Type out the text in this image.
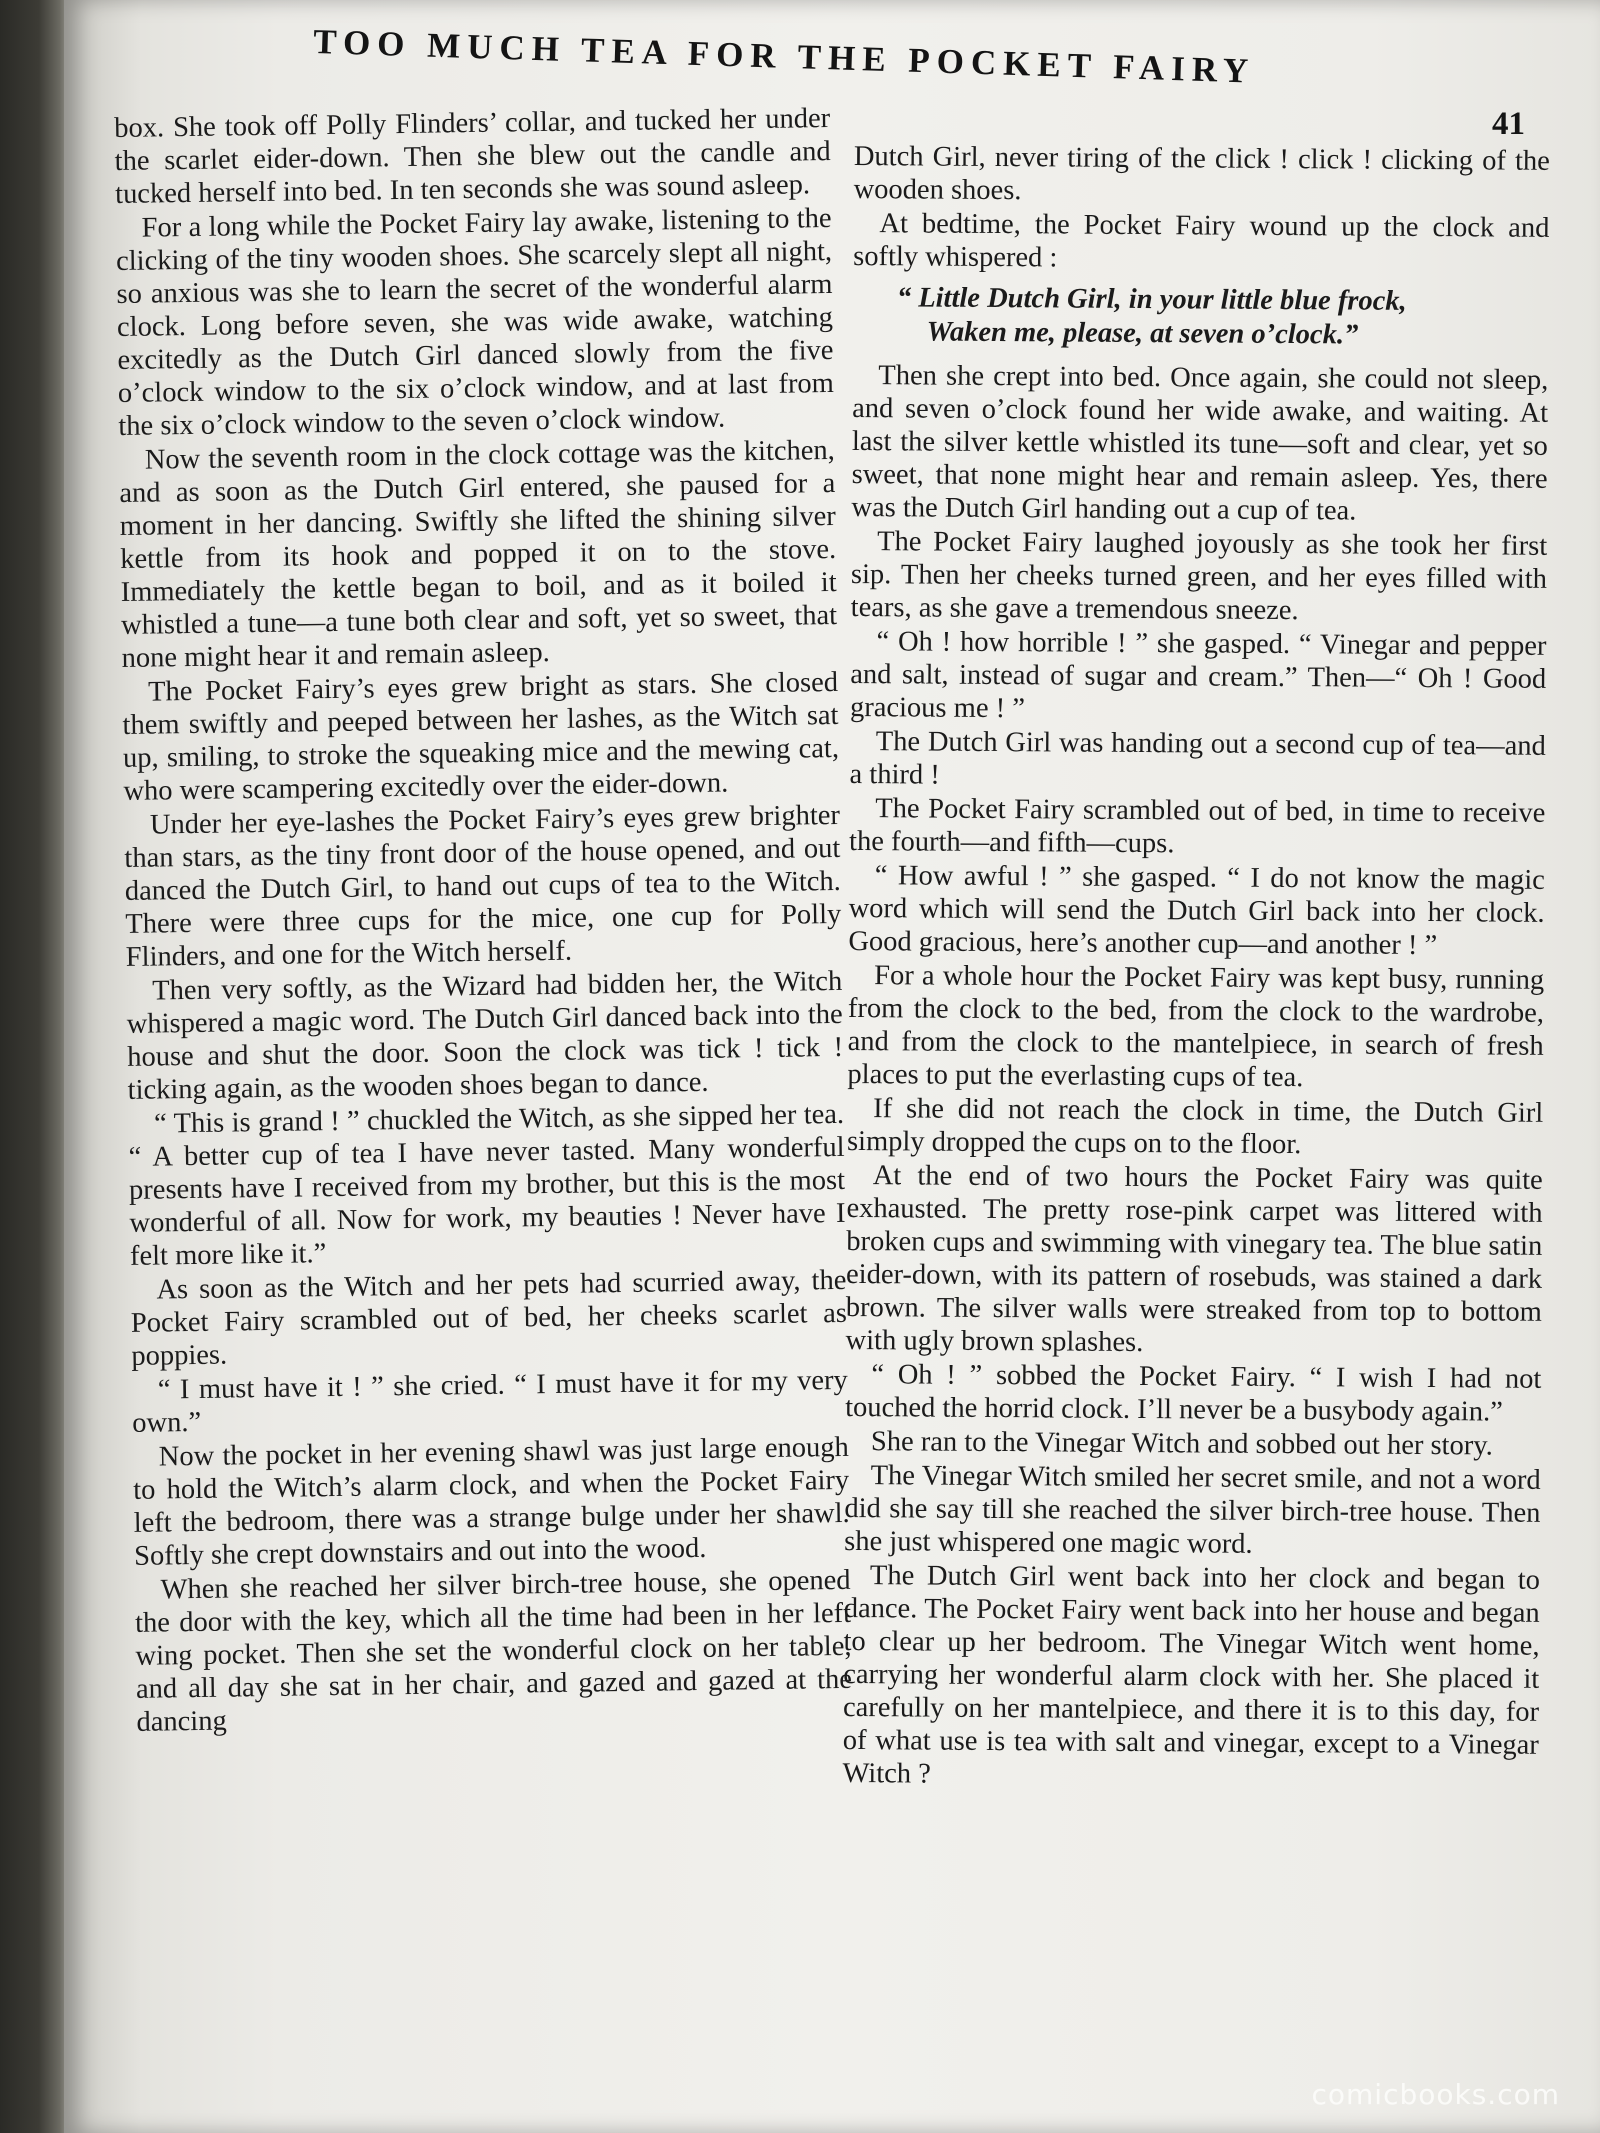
TOO MUCH TEA FOR THE POCKET FAIRY
41

box. She took off Polly Flinders’ collar, and tucked her under the scarlet eider-down. Then she blew out the candle and tucked herself into bed. In ten seconds she was sound asleep.

For a long while the Pocket Fairy lay awake, listening to the clicking of the tiny wooden shoes. She scarcely slept all night, so anxious was she to learn the secret of the wonderful alarm clock. Long before seven, she was wide awake, watching excitedly as the Dutch Girl danced slowly from the five o’clock window to the six o’clock window, and at last from the six o’clock window to the seven o’clock window.

Now the seventh room in the clock cottage was the kitchen, and as soon as the Dutch Girl entered, she paused for a moment in her dancing. Swiftly she lifted the shining silver kettle from its hook and popped it on to the stove. Immediately the kettle began to boil, and as it boiled it whistled a tune—a tune both clear and soft, yet so sweet, that none might hear it and remain asleep.

The Pocket Fairy’s eyes grew bright as stars. She closed them swiftly and peeped between her lashes, as the Witch sat up, smiling, to stroke the squeaking mice and the mewing cat, who were scampering excitedly over the eider-down.

Under her eye-lashes the Pocket Fairy’s eyes grew brighter than stars, as the tiny front door of the house opened, and out danced the Dutch Girl, to hand out cups of tea to the Witch. There were three cups for the mice, one cup for Polly Flinders, and one for the Witch herself.

Then very softly, as the Wizard had bidden her, the Witch whispered a magic word. The Dutch Girl danced back into the house and shut the door. Soon the clock was tick ! tick ! ticking again, as the wooden shoes began to dance.

“ This is grand ! ” chuckled the Witch, as she sipped her tea. “ A better cup of tea I have never tasted. Many wonderful presents have I received from my brother, but this is the most wonderful of all. Now for work, my beauties ! Never have I felt more like it.”

As soon as the Witch and her pets had scurried away, the Pocket Fairy scrambled out of bed, her cheeks scarlet as poppies.

“ I must have it ! ” she cried. “ I must have it for my very own.”

Now the pocket in her evening shawl was just large enough to hold the Witch’s alarm clock, and when the Pocket Fairy left the bedroom, there was a strange bulge under her shawl. Softly she crept downstairs and out into the wood.

When she reached her silver birch-tree house, she opened the door with the key, which all the time had been in her left wing pocket. Then she set the wonderful clock on her table, and all day she sat in her chair, and gazed and gazed at the dancing

Dutch Girl, never tiring of the click ! click ! clicking of the wooden shoes.

At bedtime, the Pocket Fairy wound up the clock and softly whispered :

“ Little Dutch Girl, in your little blue frock,
Waken me, please, at seven o’clock.”

Then she crept into bed. Once again, she could not sleep, and seven o’clock found her wide awake, and waiting. At last the silver kettle whistled its tune—soft and clear, yet so sweet, that none might hear and remain asleep. Yes, there was the Dutch Girl handing out a cup of tea.

The Pocket Fairy laughed joyously as she took her first sip. Then her cheeks turned green, and her eyes filled with tears, as she gave a tremendous sneeze.

“ Oh ! how horrible ! ” she gasped. “ Vinegar and pepper and salt, instead of sugar and cream.” Then—“ Oh ! Good gracious me ! ”

The Dutch Girl was handing out a second cup of tea—and a third !

The Pocket Fairy scrambled out of bed, in time to receive the fourth—and fifth—cups.

“ How awful ! ” she gasped. “ I do not know the magic word which will send the Dutch Girl back into her clock. Good gracious, here’s another cup—and another ! ”

For a whole hour the Pocket Fairy was kept busy, running from the clock to the bed, from the clock to the wardrobe, and from the clock to the mantelpiece, in search of fresh places to put the everlasting cups of tea.

If she did not reach the clock in time, the Dutch Girl simply dropped the cups on to the floor.

At the end of two hours the Pocket Fairy was quite exhausted. The pretty rose-pink carpet was littered with broken cups and swimming with vinegary tea. The blue satin eider-down, with its pattern of rosebuds, was stained a dark brown. The silver walls were streaked from top to bottom with ugly brown splashes.

“ Oh ! ” sobbed the Pocket Fairy. “ I wish I had not touched the horrid clock. I’ll never be a busybody again.”

She ran to the Vinegar Witch and sobbed out her story.

The Vinegar Witch smiled her secret smile, and not a word did she say till she reached the silver birch-tree house. Then she just whispered one magic word.

The Dutch Girl went back into her clock and began to dance. The Pocket Fairy went back into her house and began to clear up her bedroom. The Vinegar Witch went home, carrying her wonderful alarm clock with her. She placed it carefully on her mantelpiece, and there it is to this day, for of what use is tea with salt and vinegar, except to a Vinegar Witch ?

comicbooks.com
